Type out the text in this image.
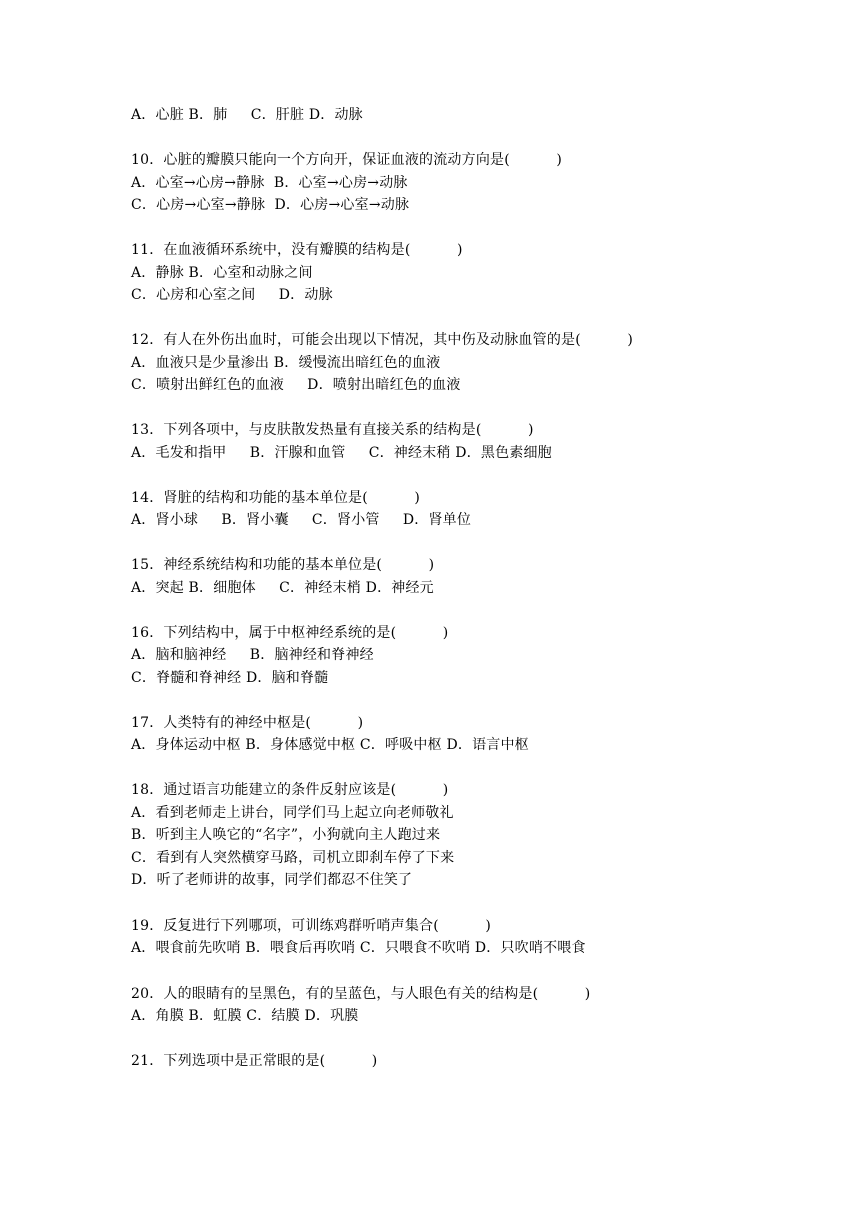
A．心脏 B．肺     C．肝脏 D．动脉
10．心脏的瓣膜只能向一个方向开，保证血液的流动方向是(          )
A．心室→心房→静脉  B．心室→心房→动脉
C．心房→心室→静脉  D．心房→心室→动脉
11．在血液循环系统中，没有瓣膜的结构是(          )
A．静脉 B．心室和动脉之间
C．心房和心室之间     D．动脉
12．有人在外伤出血时，可能会出现以下情况，其中伤及动脉血管的是(          )
A．血液只是少量渗出 B．缓慢流出暗红色的血液
C．喷射出鲜红色的血液     D．喷射出暗红色的血液
13．下列各项中，与皮肤散发热量有直接关系的结构是(          )
A．毛发和指甲     B．汗腺和血管     C．神经末稍 D．黑色素细胞
14．肾脏的结构和功能的基本单位是(          )
A．肾小球     B．肾小囊     C．肾小管     D．肾单位
15．神经系统结构和功能的基本单位是(          )
A．突起 B．细胞体     C．神经末梢 D．神经元
16．下列结构中，属于中枢神经系统的是(          )
A．脑和脑神经     B．脑神经和脊神经
C．脊髓和脊神经 D．脑和脊髓
17．人类特有的神经中枢是(          )
A．身体运动中枢 B．身体感觉中枢 C．呼吸中枢 D．语言中枢
18．通过语言功能建立的条件反射应该是(          )
A．看到老师走上讲台，同学们马上起立向老师敬礼
B．听到主人唤它的“名字”，小狗就向主人跑过来
C．看到有人突然横穿马路，司机立即刹车停了下来
D．听了老师讲的故事，同学们都忍不住笑了
19．反复进行下列哪项，可训练鸡群听哨声集合(          )
A．喂食前先吹哨 B．喂食后再吹哨 C．只喂食不吹哨 D．只吹哨不喂食
20．人的眼睛有的呈黑色，有的呈蓝色，与人眼色有关的结构是(          )
A．角膜 B．虹膜 C．结膜 D．巩膜
21．下列选项中是正常眼的是(          )
